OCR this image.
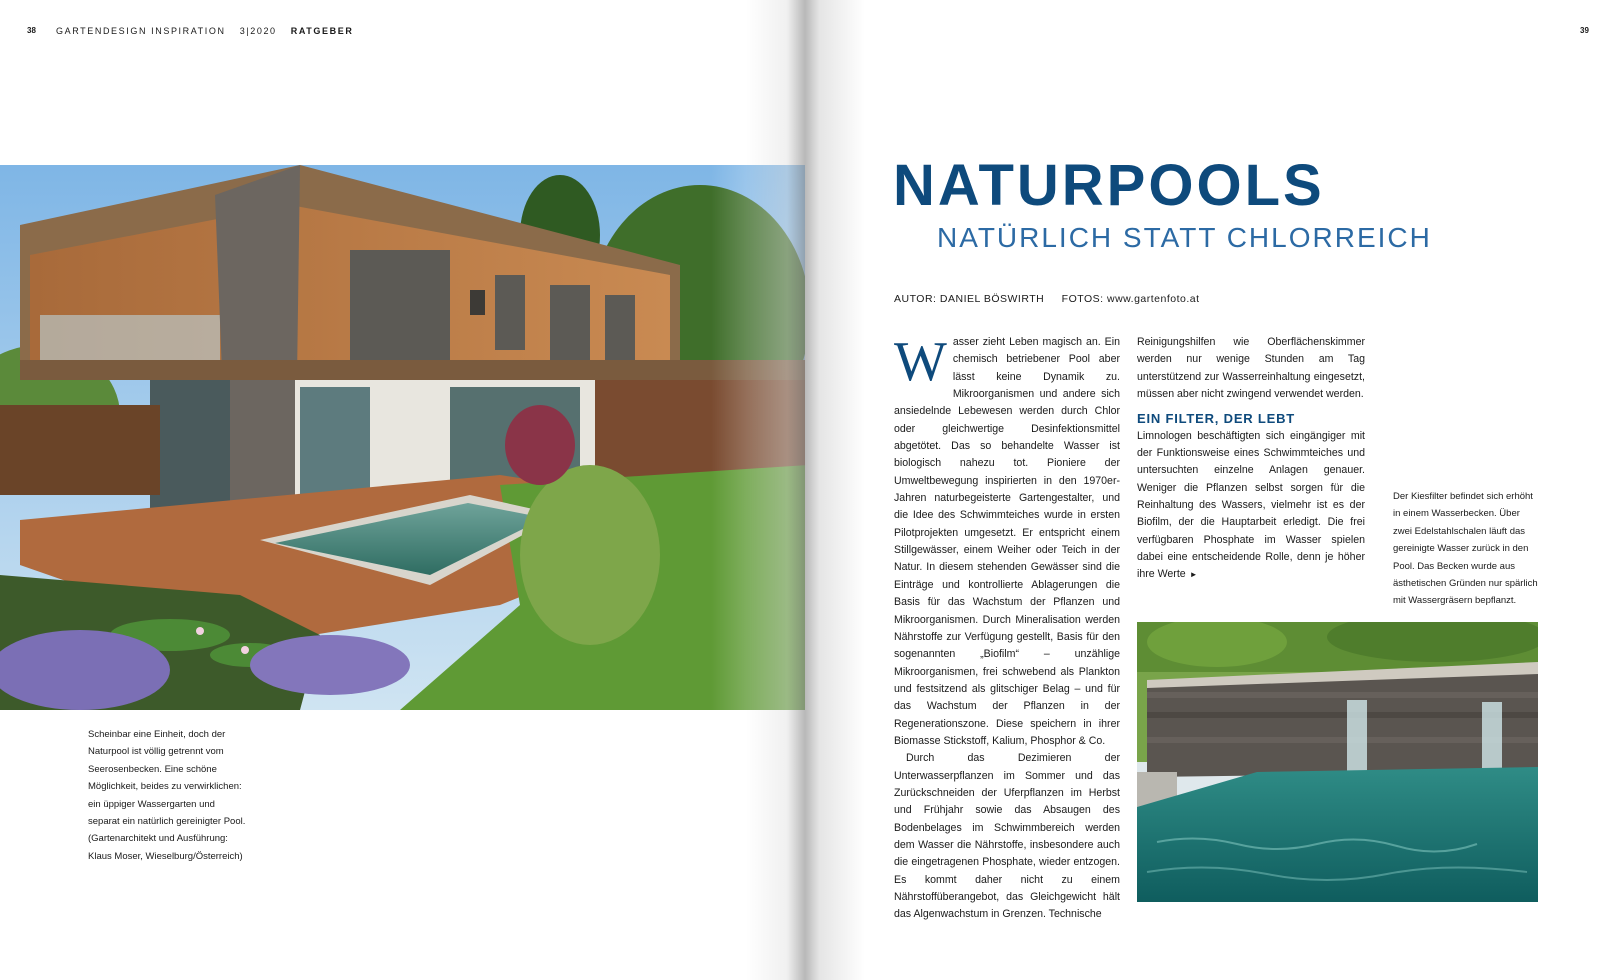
38 GARTENDESIGN INSPIRATION 3|2020 RATGEBER
Scheinbar eine Einheit, doch der
Naturpool ist völlig getrennt vom
Seerosenbecken. Eine schöne
Möglichkeit, beides zu verwirklichen:
ein üppiger Wassergarten und
separat ein natürlich gereinigter Pool.
(Gartenarchitekt und Ausführung:
Klaus Moser, Wieselburg/Österreich)
39
NATURPOOLS
NATÜRLICH STATT CHLORREICH
AUTOR: DANIEL BÖSWIRTH FOTOS: www.gartenfoto.at
W asser zieht Leben magisch an. Ein chemisch betriebener Pool aber lässt keine Dynamik zu. Mikroorganismen und andere sich ansiedelnde Lebewesen werden durch Chlor oder gleichwertige Desinfektionsmittel abgetötet. Das so behandelte Wasser ist biologisch nahezu tot. Pioniere der Umweltbewegung inspirierten in den 1970er-Jahren naturbegeisterte Gartengestalter, und die Idee des Schwimmteiches wurde in ersten Pilotprojekten umgesetzt. Er entspricht einem Stillgewässer, einem Weiher oder Teich in der Natur. In diesem stehenden Gewässer sind die Einträge und kontrollierte Ablagerungen die Basis für das Wachstum der Pflanzen und Mikroorganismen. Durch Mineralisation werden Nährstoffe zur Verfügung gestellt, Basis für den sogenannten „Biofilm“ – unzählige Mikroorganismen, frei schwebend als Plankton und festsitzend als glitschiger Belag – und für das Wachstum der Pflanzen in der Regenerationszone. Diese speichern in ihrer Biomasse Stickstoff, Kalium, Phosphor & Co.

Durch das Dezimieren der Unterwasserpflanzen im Sommer und das Zurückschneiden der Uferpflanzen im Herbst und Frühjahr sowie das Absaugen des Bodenbelages im Schwimmbereich werden dem Wasser die Nährstoffe, insbesondere auch die eingetragenen Phosphate, wieder entzogen. Es kommt daher nicht zu einem Nährstoffüberangebot, das Gleichgewicht hält das Algenwachstum in Grenzen. Technische

Reinigungshilfen wie Oberflächenskimmer werden nur wenige Stunden am Tag unterstützend zur Wasserreinhaltung eingesetzt, müssen aber nicht zwingend verwendet werden.

EIN FILTER, DER LEBT

Limnologen beschäftigten sich eingängiger mit der Funktionsweise eines Schwimmteiches und untersuchten einzelne Anlagen genauer. Weniger die Pflanzen selbst sorgen für die Reinhaltung des Wassers, vielmehr ist es der Biofilm, der die Hauptarbeit erledigt. Die frei verfügbaren Phosphate im Wasser spielen dabei eine entscheidende Rolle, denn je höher ihre Werte ►

Der Kiesfilter befindet sich erhöht
in einem Wasserbecken. Über
zwei Edelstahlschalen läuft das
gereinigte Wasser zurück in den
Pool. Das Becken wurde aus
ästhetischen Gründen nur spärlich
mit Wassergräsern bepflanzt.
